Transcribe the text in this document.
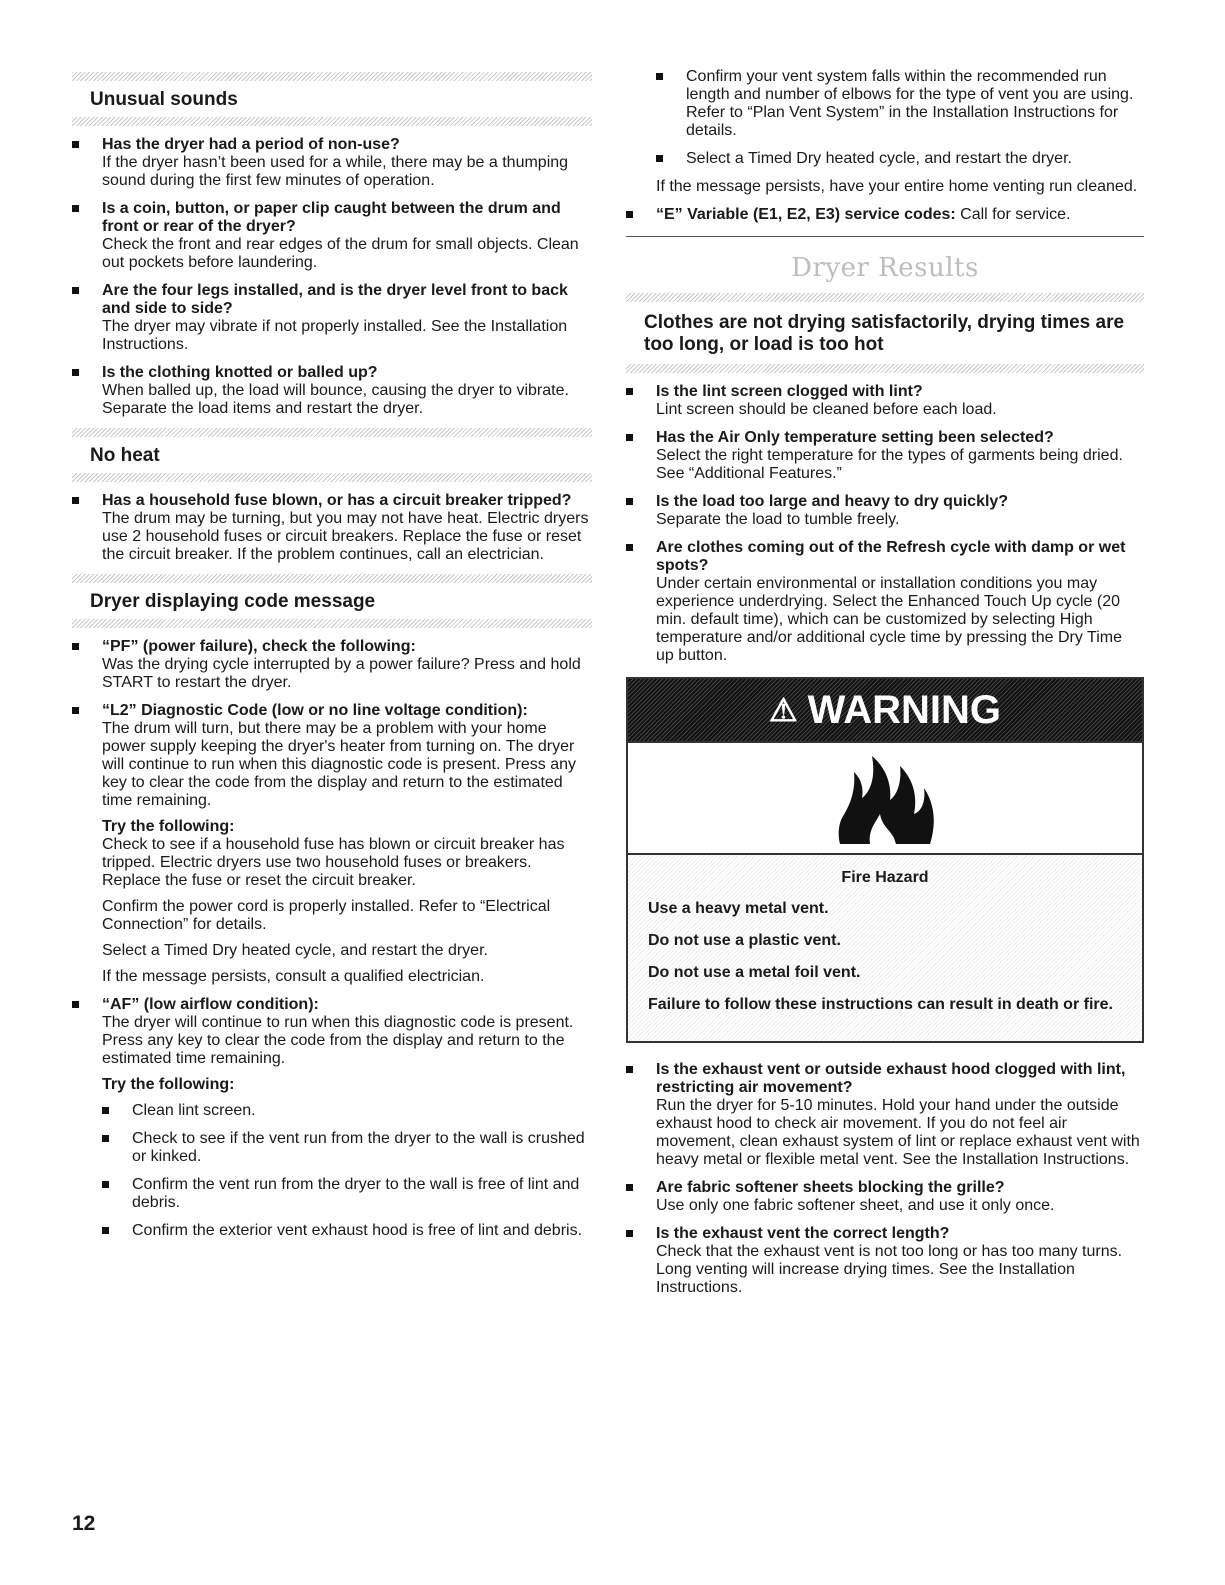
Unusual sounds
Has the dryer had a period of non-use?
If the dryer hasn’t been used for a while, there may be a thumping sound during the first few minutes of operation.
Is a coin, button, or paper clip caught between the drum and front or rear of the dryer?
Check the front and rear edges of the drum for small objects. Clean out pockets before laundering.
Are the four legs installed, and is the dryer level front to back and side to side?
The dryer may vibrate if not properly installed. See the Installation Instructions.
Is the clothing knotted or balled up?
When balled up, the load will bounce, causing the dryer to vibrate. Separate the load items and restart the dryer.
No heat
Has a household fuse blown, or has a circuit breaker tripped?
The drum may be turning, but you may not have heat. Electric dryers use 2 household fuses or circuit breakers. Replace the fuse or reset the circuit breaker. If the problem continues, call an electrician.
Dryer displaying code message
“PF” (power failure), check the following:
Was the drying cycle interrupted by a power failure? Press and hold START to restart the dryer.
“L2” Diagnostic Code (low or no line voltage condition):
The drum will turn, but there may be a problem with your home power supply keeping the dryer's heater from turning on. The dryer will continue to run when this diagnostic code is present. Press any key to clear the code from the display and return to the estimated time remaining.
Try the following:
Check to see if a household fuse has blown or circuit breaker has tripped. Electric dryers use two household fuses or breakers. Replace the fuse or reset the circuit breaker.
Confirm the power cord is properly installed. Refer to “Electrical Connection” for details.
Select a Timed Dry heated cycle, and restart the dryer.
If the message persists, consult a qualified electrician.
“AF” (low airflow condition):
The dryer will continue to run when this diagnostic code is present. Press any key to clear the code from the display and return to the estimated time remaining.
Try the following:
Clean lint screen.
Check to see if the vent run from the dryer to the wall is crushed or kinked.
Confirm the vent run from the dryer to the wall is free of lint and debris.
Confirm the exterior vent exhaust hood is free of lint and debris.
Confirm your vent system falls within the recommended run length and number of elbows for the type of vent you are using. Refer to “Plan Vent System” in the Installation Instructions for details.
Select a Timed Dry heated cycle, and restart the dryer.
If the message persists, have your entire home venting run cleaned.
“E” Variable (E1, E2, E3) service codes: Call for service.
Dryer Results
Clothes are not drying satisfactorily, drying times are too long, or load is too hot
Is the lint screen clogged with lint?
Lint screen should be cleaned before each load.
Has the Air Only temperature setting been selected?
Select the right temperature for the types of garments being dried. See “Additional Features.”
Is the load too large and heavy to dry quickly?
Separate the load to tumble freely.
Are clothes coming out of the Refresh cycle with damp or wet spots?
Under certain environmental or installation conditions you may experience underdrying. Select the Enhanced Touch Up cycle (20 min. default time), which can be customized by selecting High temperature and/or additional cycle time by pressing the Dry Time up button.
⚠ WARNING
Fire Hazard
Use a heavy metal vent.
Do not use a plastic vent.
Do not use a metal foil vent.
Failure to follow these instructions can result in death or fire.
Is the exhaust vent or outside exhaust hood clogged with lint, restricting air movement?
Run the dryer for 5-10 minutes. Hold your hand under the outside exhaust hood to check air movement. If you do not feel air movement, clean exhaust system of lint or replace exhaust vent with heavy metal or flexible metal vent. See the Installation Instructions.
Are fabric softener sheets blocking the grille?
Use only one fabric softener sheet, and use it only once.
Is the exhaust vent the correct length?
Check that the exhaust vent is not too long or has too many turns. Long venting will increase drying times. See the Installation Instructions.
12
